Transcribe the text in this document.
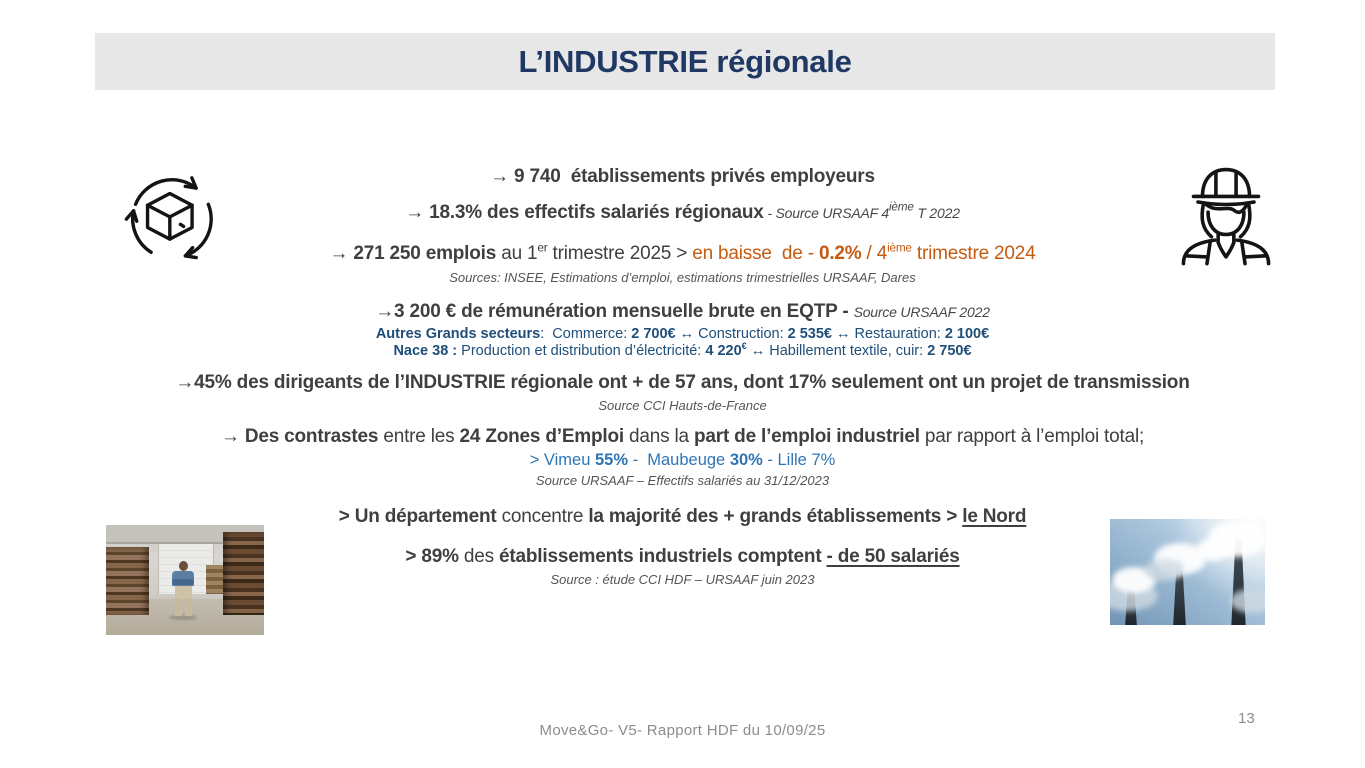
L’INDUSTRIE régionale
→ 9 740  établissements privés employeurs
→ 18.3% des effectifs salariés régionaux - Source URSAAF 4ième T 2022
→ 271 250 emplois au 1er trimestre 2025 > en baisse  de - 0.2% / 4ième trimestre 2024
Sources: INSEE, Estimations d’emploi, estimations trimestrielles URSAAF, Dares
→3 200 € de rémunération mensuelle brute en EQTP - Source URSAAF 2022
Autres Grands secteurs:  Commerce: 2 700€ ↔ Construction: 2 535€ ↔ Restauration: 2 100€
Nace 38 : Production et distribution d’électricité: 4 220€ ↔ Habillement textile, cuir: 2 750€
→45% des dirigeants de l’INDUSTRIE régionale ont + de 57 ans, dont 17% seulement ont un projet de transmission
Source CCI Hauts-de-France
→ Des contrastes entre les 24 Zones d’Emploi dans la part de l’emploi industriel par rapport à l’emploi total;
> Vimeu 55% -  Maubeuge 30% - Lille 7%
Source URSAAF – Effectifs salariés au 31/12/2023
> Un département concentre la majorité des + grands établissements > le Nord
> 89% des établissements industriels comptent - de 50 salariés
Source : étude CCI HDF – URSAAF juin 2023
Move&Go- V5- Rapport HDF du 10/09/25
13
